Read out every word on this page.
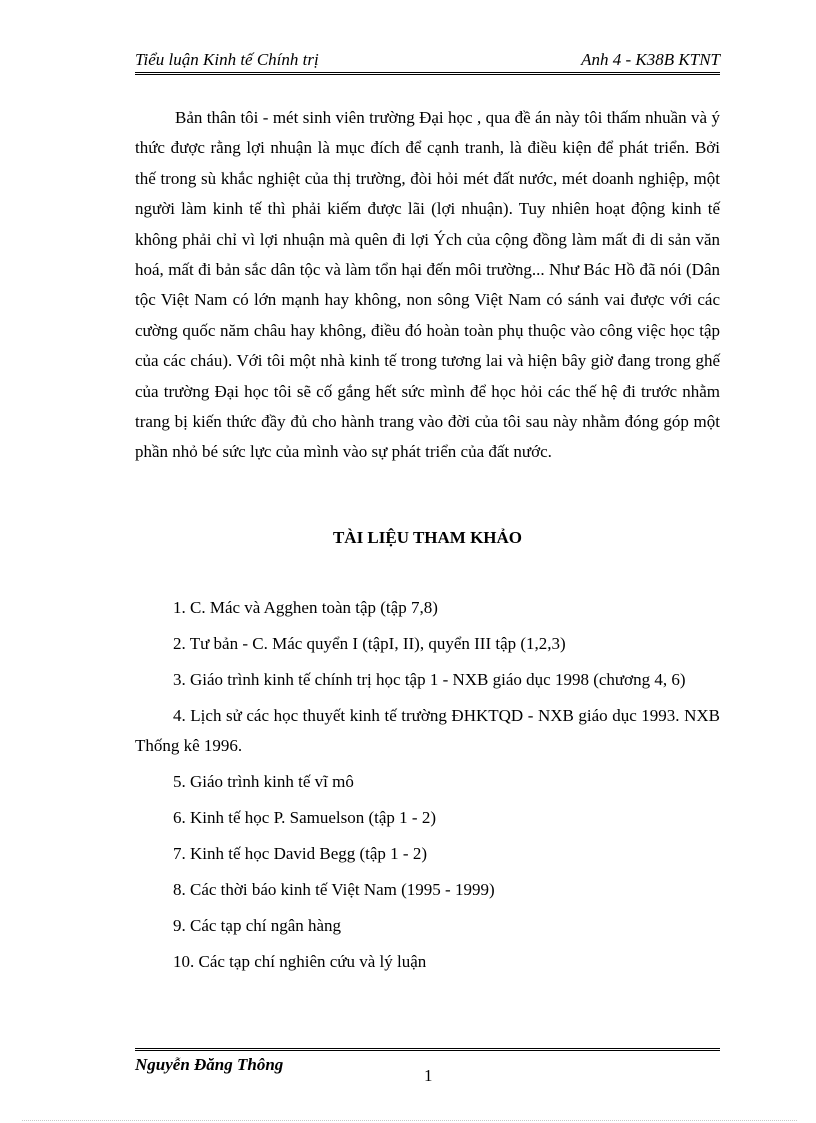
Tiểu luận Kinh tế Chính trị	Anh 4 - K38B KTNT

Bản thân tôi - mét sinh viên trường Đại học , qua đề án này tôi thấm nhuần và ý thức được rằng lợi nhuận là mục đích để cạnh tranh, là điều kiện để phát triển. Bởi thế trong sù khắc nghiệt của thị trường, đòi hỏi mét đất nước, mét doanh nghiệp, một người làm kinh tế thì phải kiếm được lãi (lợi nhuận). Tuy nhiên hoạt động kinh tế không phải chỉ vì lợi nhuận mà quên đi lợi Ých của cộng đồng làm mất đi di sản văn hoá, mất đi bản sắc dân tộc và làm tổn hại đến môi trường... Như Bác Hồ đã nói (Dân tộc Việt Nam có lớn mạnh hay không, non sông Việt Nam có sánh vai được với các cường quốc năm châu hay không, điều đó hoàn toàn phụ thuộc vào công việc học tập của các cháu). Với tôi một nhà kinh tế trong tương lai và hiện bây giờ đang trong ghế của trường Đại học tôi sẽ cố gắng hết sức mình để học hỏi các thế hệ đi trước nhằm trang bị kiến thức đầy đủ cho hành trang vào đời của tôi sau này nhằm đóng góp một phần nhỏ bé sức lực của mình vào sự phát triển của đất nước.

TÀI LIỆU THAM KHẢO
1. C. Mác và Agghen toàn tập (tập 7,8)
2. Tư bản - C. Mác quyển I (tậpI, II), quyển III tập (1,2,3)
3. Giáo trình kinh tế chính trị học tập 1 - NXB giáo dục 1998 (chương 4, 6)
4. Lịch sử các học thuyết kinh tế trường ĐHKTQD - NXB giáo dục 1993. NXB Thống kê 1996.
5. Giáo trình kinh tế vĩ mô
6. Kinh tế học P. Samuelson (tập 1 - 2)
7. Kinh tế học David Begg (tập 1 - 2)
8. Các thời báo kinh tế Việt Nam (1995 - 1999)
9. Các tạp chí ngân hàng
10. Các tạp chí nghiên cứu và lý luận
Nguyễn Đăng Thông
1
